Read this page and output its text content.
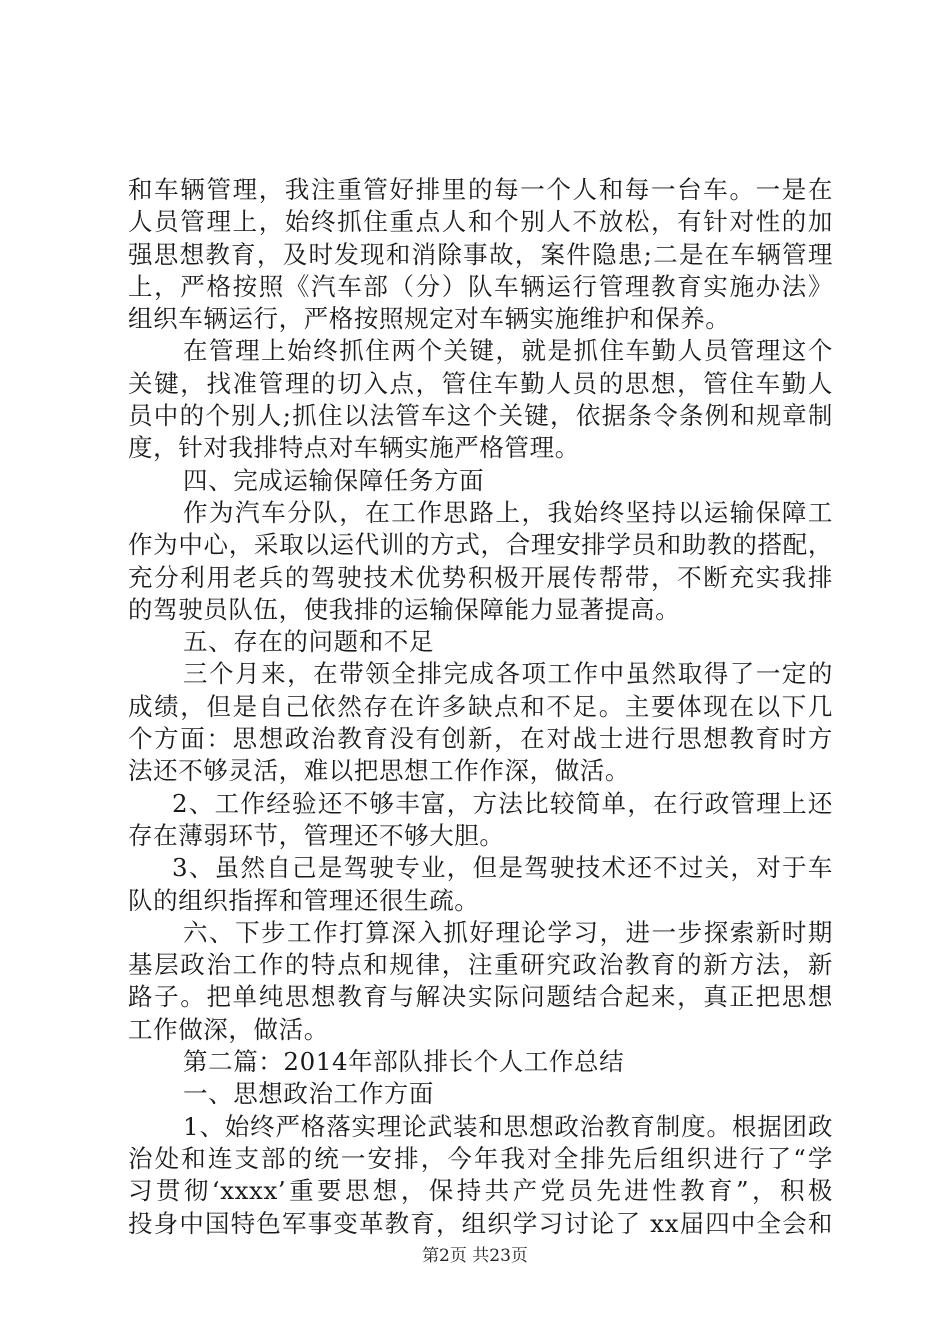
和车辆管理，我注重管好排里的每一个人和每一台车。一是在
人员管理上，始终抓住重点人和个别人不放松，有针对性的加
强思想教育，及时发现和消除事故，案件隐患;二是在车辆管理
上，严格按照《汽车部（分）队车辆运行管理教育实施办法》
组织车辆运行，严格按照规定对车辆实施维护和保养。
在管理上始终抓住两个关键，就是抓住车勤人员管理这个
关键，找准管理的切入点，管住车勤人员的思想，管住车勤人
员中的个别人;抓住以法管车这个关键，依据条令条例和规章制
度，针对我排特点对车辆实施严格管理。
四、完成运输保障任务方面
作为汽车分队，在工作思路上，我始终坚持以运输保障工
作为中心，采取以运代训的方式，合理安排学员和助教的搭配，
充分利用老兵的驾驶技术优势积极开展传帮带，不断充实我排
的驾驶员队伍，使我排的运输保障能力显著提高。
五、存在的问题和不足
三个月来，在带领全排完成各项工作中虽然取得了一定的
成绩，但是自己依然存在许多缺点和不足。主要体现在以下几
个方面：思想政治教育没有创新，在对战士进行思想教育时方
法还不够灵活，难以把思想工作作深，做活。
2、工作经验还不够丰富，方法比较简单，在行政管理上还
存在薄弱环节，管理还不够大胆。
3、虽然自己是驾驶专业，但是驾驶技术还不过关，对于车
队的组织指挥和管理还很生疏。
六、下步工作打算深入抓好理论学习，进一步探索新时期
基层政治工作的特点和规律，注重研究政治教育的新方法，新
路子。把单纯思想教育与解决实际问题结合起来，真正把思想
工作做深，做活。
第二篇：2014年部队排长个人工作总结
一、思想政治工作方面
1、始终严格落实理论武装和思想政治教育制度。根据团政
治处和连支部的统一安排，今年我对全排先后组织进行了“学
习贯彻‘xxxx’重要思想，保持共产党员先进性教育”，积极
投身中国特色军事变革教育，组织学习讨论了 xx届四中全会和
第2页 共23页
